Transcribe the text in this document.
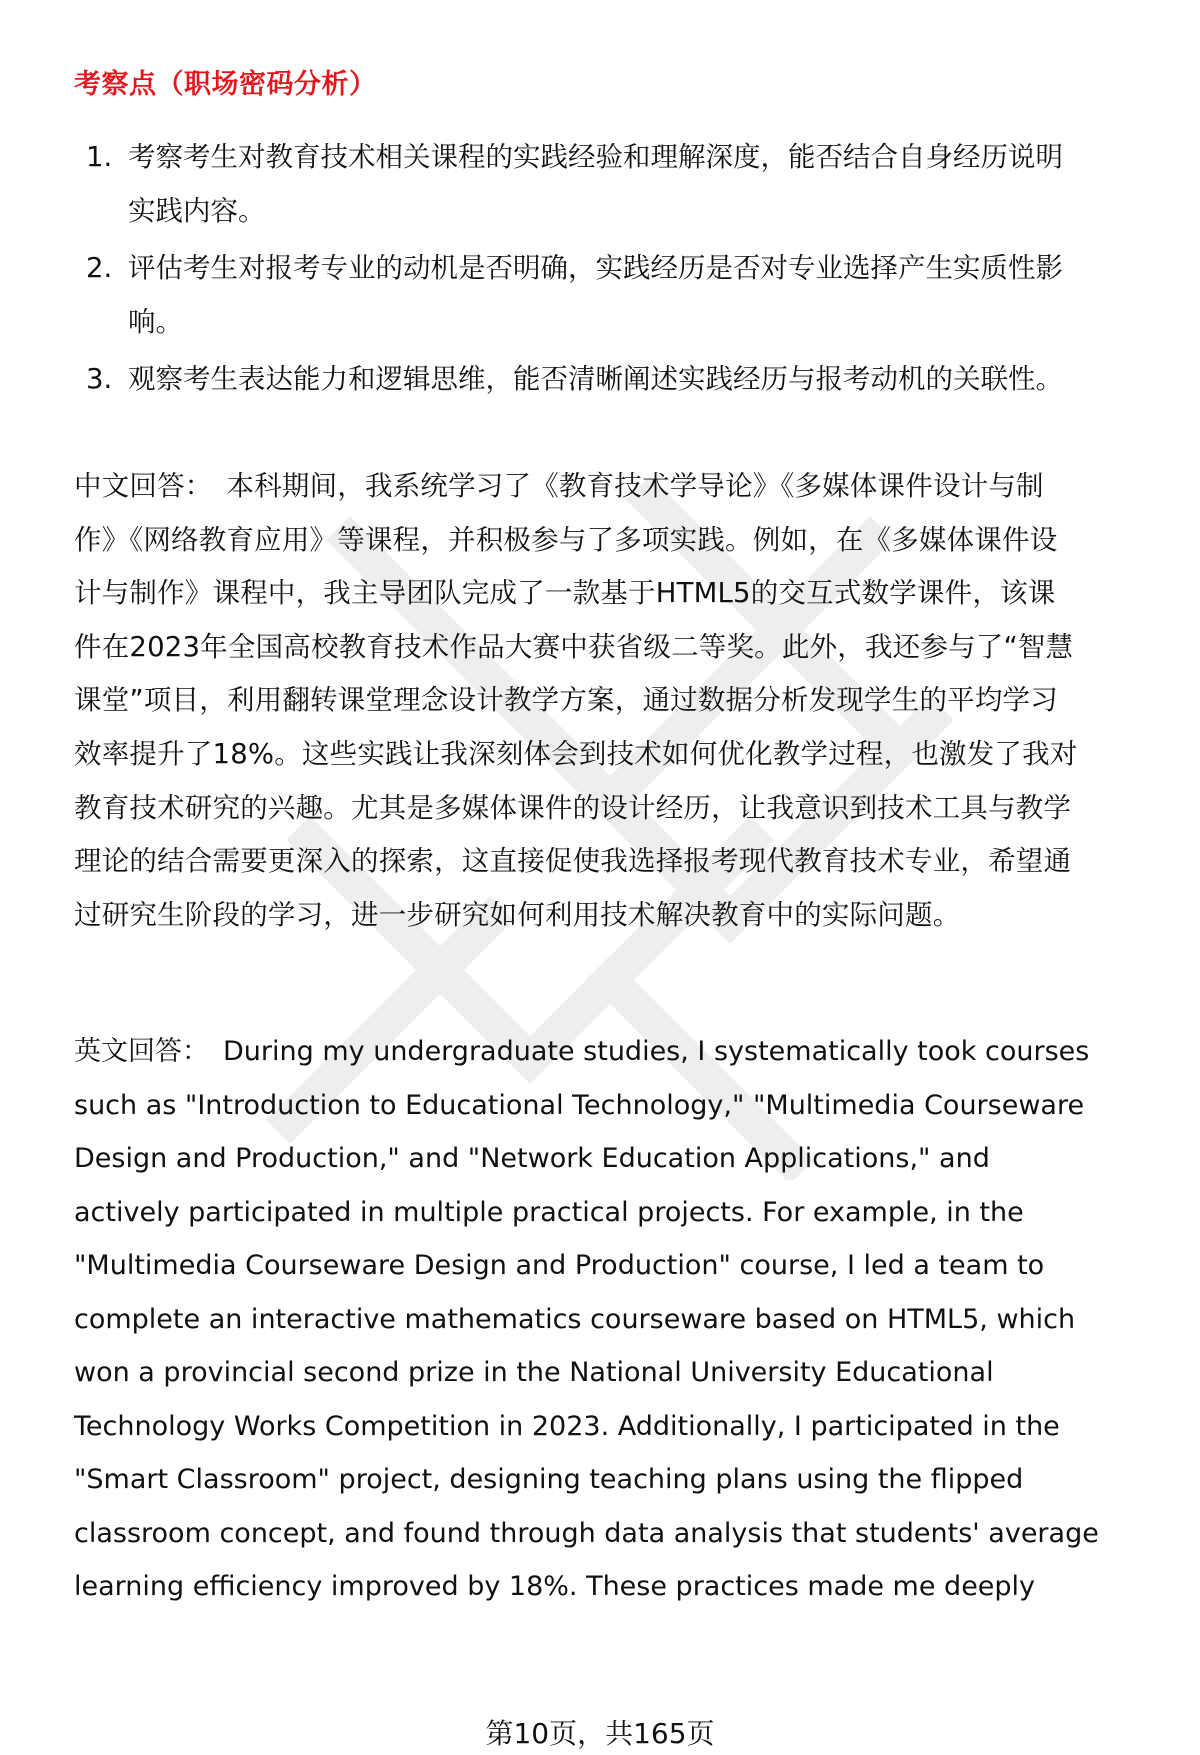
考察点（职场密码分析）
1. 考察考生对教育技术相关课程的实践经验和理解深度，能否结合自身经历说明
实践内容。
2. 评估考生对报考专业的动机是否明确，实践经历是否对专业选择产生实质性影
响。
3. 观察考生表达能力和逻辑思维，能否清晰阐述实践经历与报考动机的关联性。
中文回答： 本科期间，我系统学习了《教育技术学导论》《多媒体课件设计与制
作》《网络教育应用》等课程，并积极参与了多项实践。例如，在《多媒体课件设
计与制作》课程中，我主导团队完成了一款基于HTML5的交互式数学课件，该课
件在2023年全国高校教育技术作品大赛中获省级二等奖。此外，我还参与了“智慧
课堂”项目，利用翻转课堂理念设计教学方案，通过数据分析发现学生的平均学习
效率提升了18%。这些实践让我深刻体会到技术如何优化教学过程，也激发了我对
教育技术研究的兴趣。尤其是多媒体课件的设计经历，让我意识到技术工具与教学
理论的结合需要更深入的探索，这直接促使我选择报考现代教育技术专业，希望通
过研究生阶段的学习，进一步研究如何利用技术解决教育中的实际问题。
英文回答： During my undergraduate studies, I systematically took courses
such as "Introduction to Educational Technology," "Multimedia Courseware
Design and Production," and "Network Education Applications," and
actively participated in multiple practical projects. For example, in the
"Multimedia Courseware Design and Production" course, I led a team to
complete an interactive mathematics courseware based on HTML5, which
won a provincial second prize in the National University Educational
Technology Works Competition in 2023. Additionally, I participated in the
"Smart Classroom" project, designing teaching plans using the flipped
classroom concept, and found through data analysis that students' average
learning efficiency improved by 18%. These practices made me deeply
第10页，共165页
